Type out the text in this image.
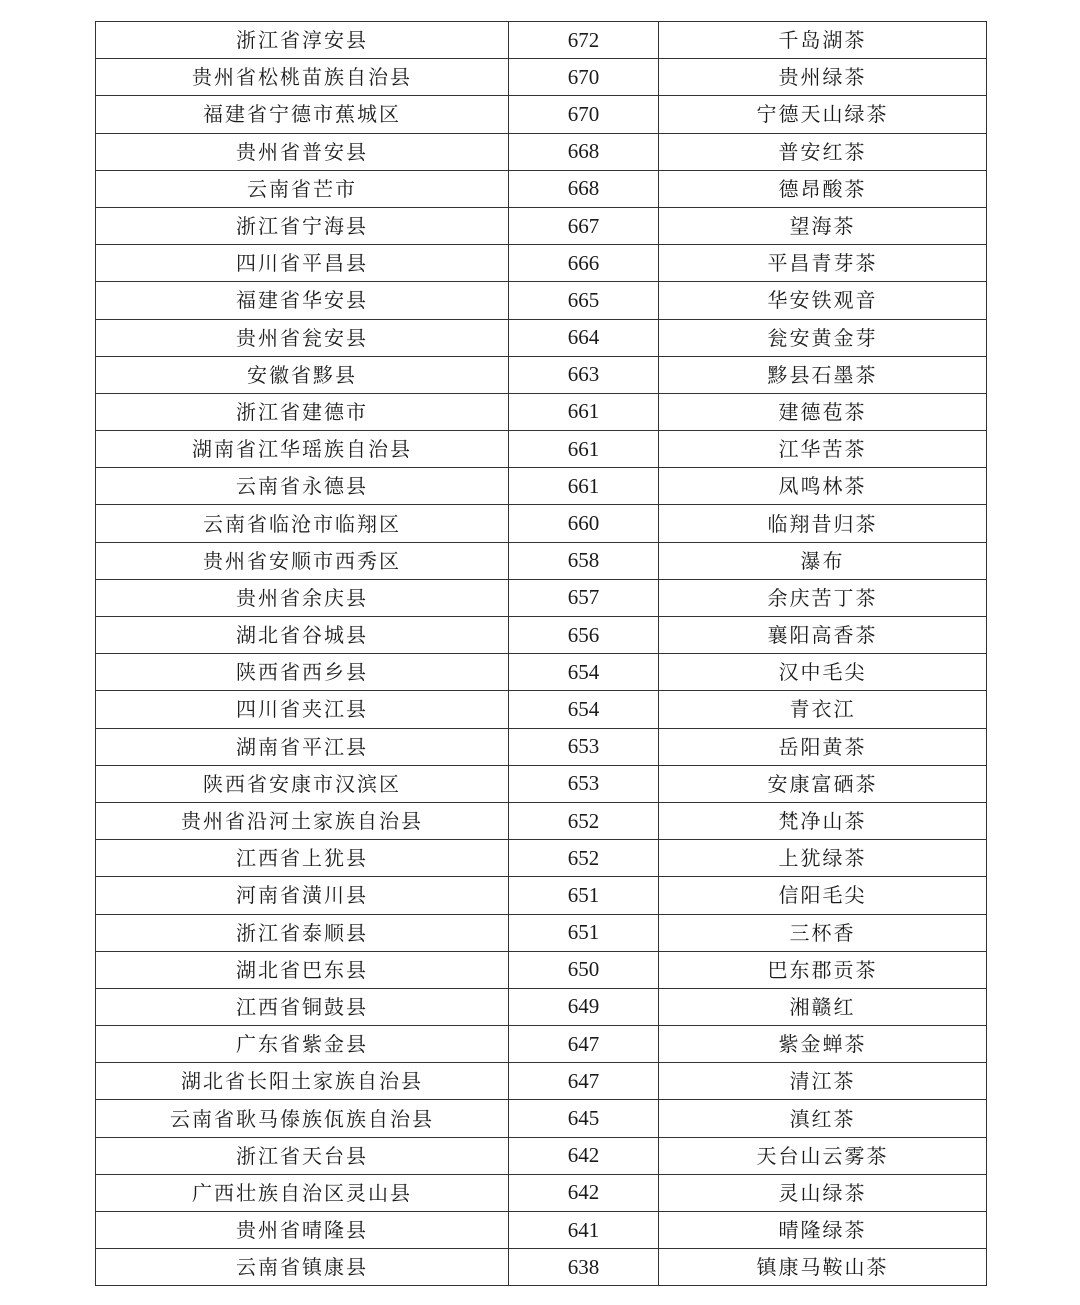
浙江省淳安县	672	千岛湖茶
贵州省松桃苗族自治县	670	贵州绿茶
福建省宁德市蕉城区	670	宁德天山绿茶
贵州省普安县	668	普安红茶
云南省芒市	668	德昂酸茶
浙江省宁海县	667	望海茶
四川省平昌县	666	平昌青芽茶
福建省华安县	665	华安铁观音
贵州省瓮安县	664	瓮安黄金芽
安徽省黟县	663	黟县石墨茶
浙江省建德市	661	建德苞茶
湖南省江华瑶族自治县	661	江华苦茶
云南省永德县	661	凤鸣林茶
云南省临沧市临翔区	660	临翔昔归茶
贵州省安顺市西秀区	658	瀑布
贵州省余庆县	657	余庆苦丁茶
湖北省谷城县	656	襄阳高香茶
陕西省西乡县	654	汉中毛尖
四川省夹江县	654	青衣江
湖南省平江县	653	岳阳黄茶
陕西省安康市汉滨区	653	安康富硒茶
贵州省沿河土家族自治县	652	梵净山茶
江西省上犹县	652	上犹绿茶
河南省潢川县	651	信阳毛尖
浙江省泰顺县	651	三杯香
湖北省巴东县	650	巴东郡贡茶
江西省铜鼓县	649	湘赣红
广东省紫金县	647	紫金蝉茶
湖北省长阳土家族自治县	647	清江茶
云南省耿马傣族佤族自治县	645	滇红茶
浙江省天台县	642	天台山云雾茶
广西壮族自治区灵山县	642	灵山绿茶
贵州省晴隆县	641	晴隆绿茶
云南省镇康县	638	镇康马鞍山茶
